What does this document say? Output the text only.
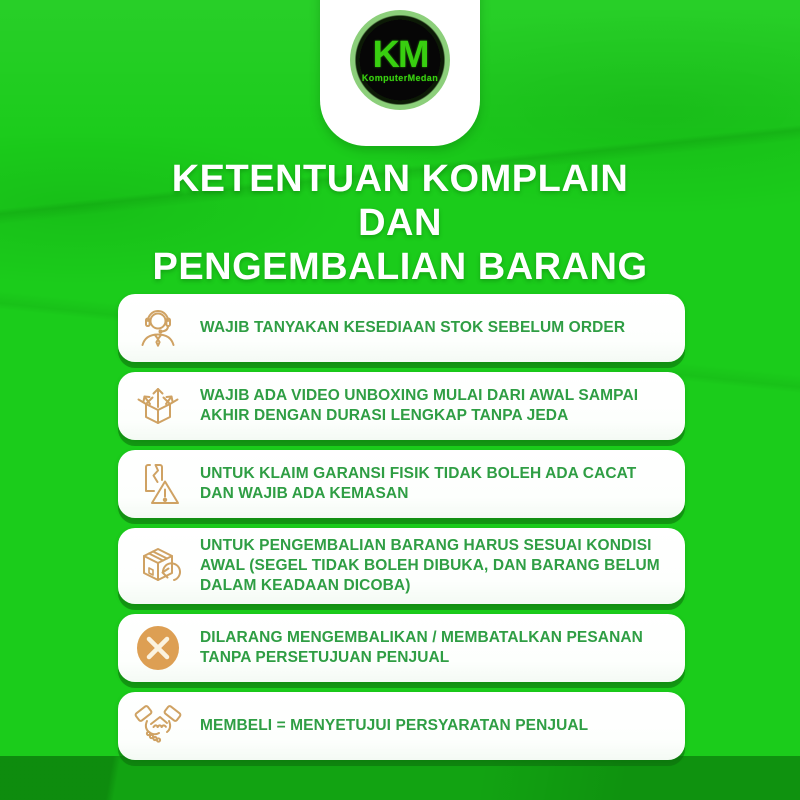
KM
KomputerMedan
KETENTUAN KOMPLAIN
DAN
PENGEMBALIAN BARANG
WAJIB TANYAKAN KESEDIAAN STOK SEBELUM ORDER
WAJIB ADA VIDEO UNBOXING MULAI DARI AWAL SAMPAI AKHIR DENGAN DURASI LENGKAP TANPA JEDA
UNTUK KLAIM GARANSI FISIK TIDAK BOLEH ADA CACAT DAN WAJIB ADA KEMASAN
UNTUK PENGEMBALIAN BARANG HARUS SESUAI KONDISI AWAL (SEGEL TIDAK BOLEH DIBUKA, DAN BARANG BELUM DALAM KEADAAN DICOBA)
DILARANG MENGEMBALIKAN / MEMBATALKAN PESANAN TANPA PERSETUJUAN PENJUAL
MEMBELI = MENYETUJUI PERSYARATAN PENJUAL
